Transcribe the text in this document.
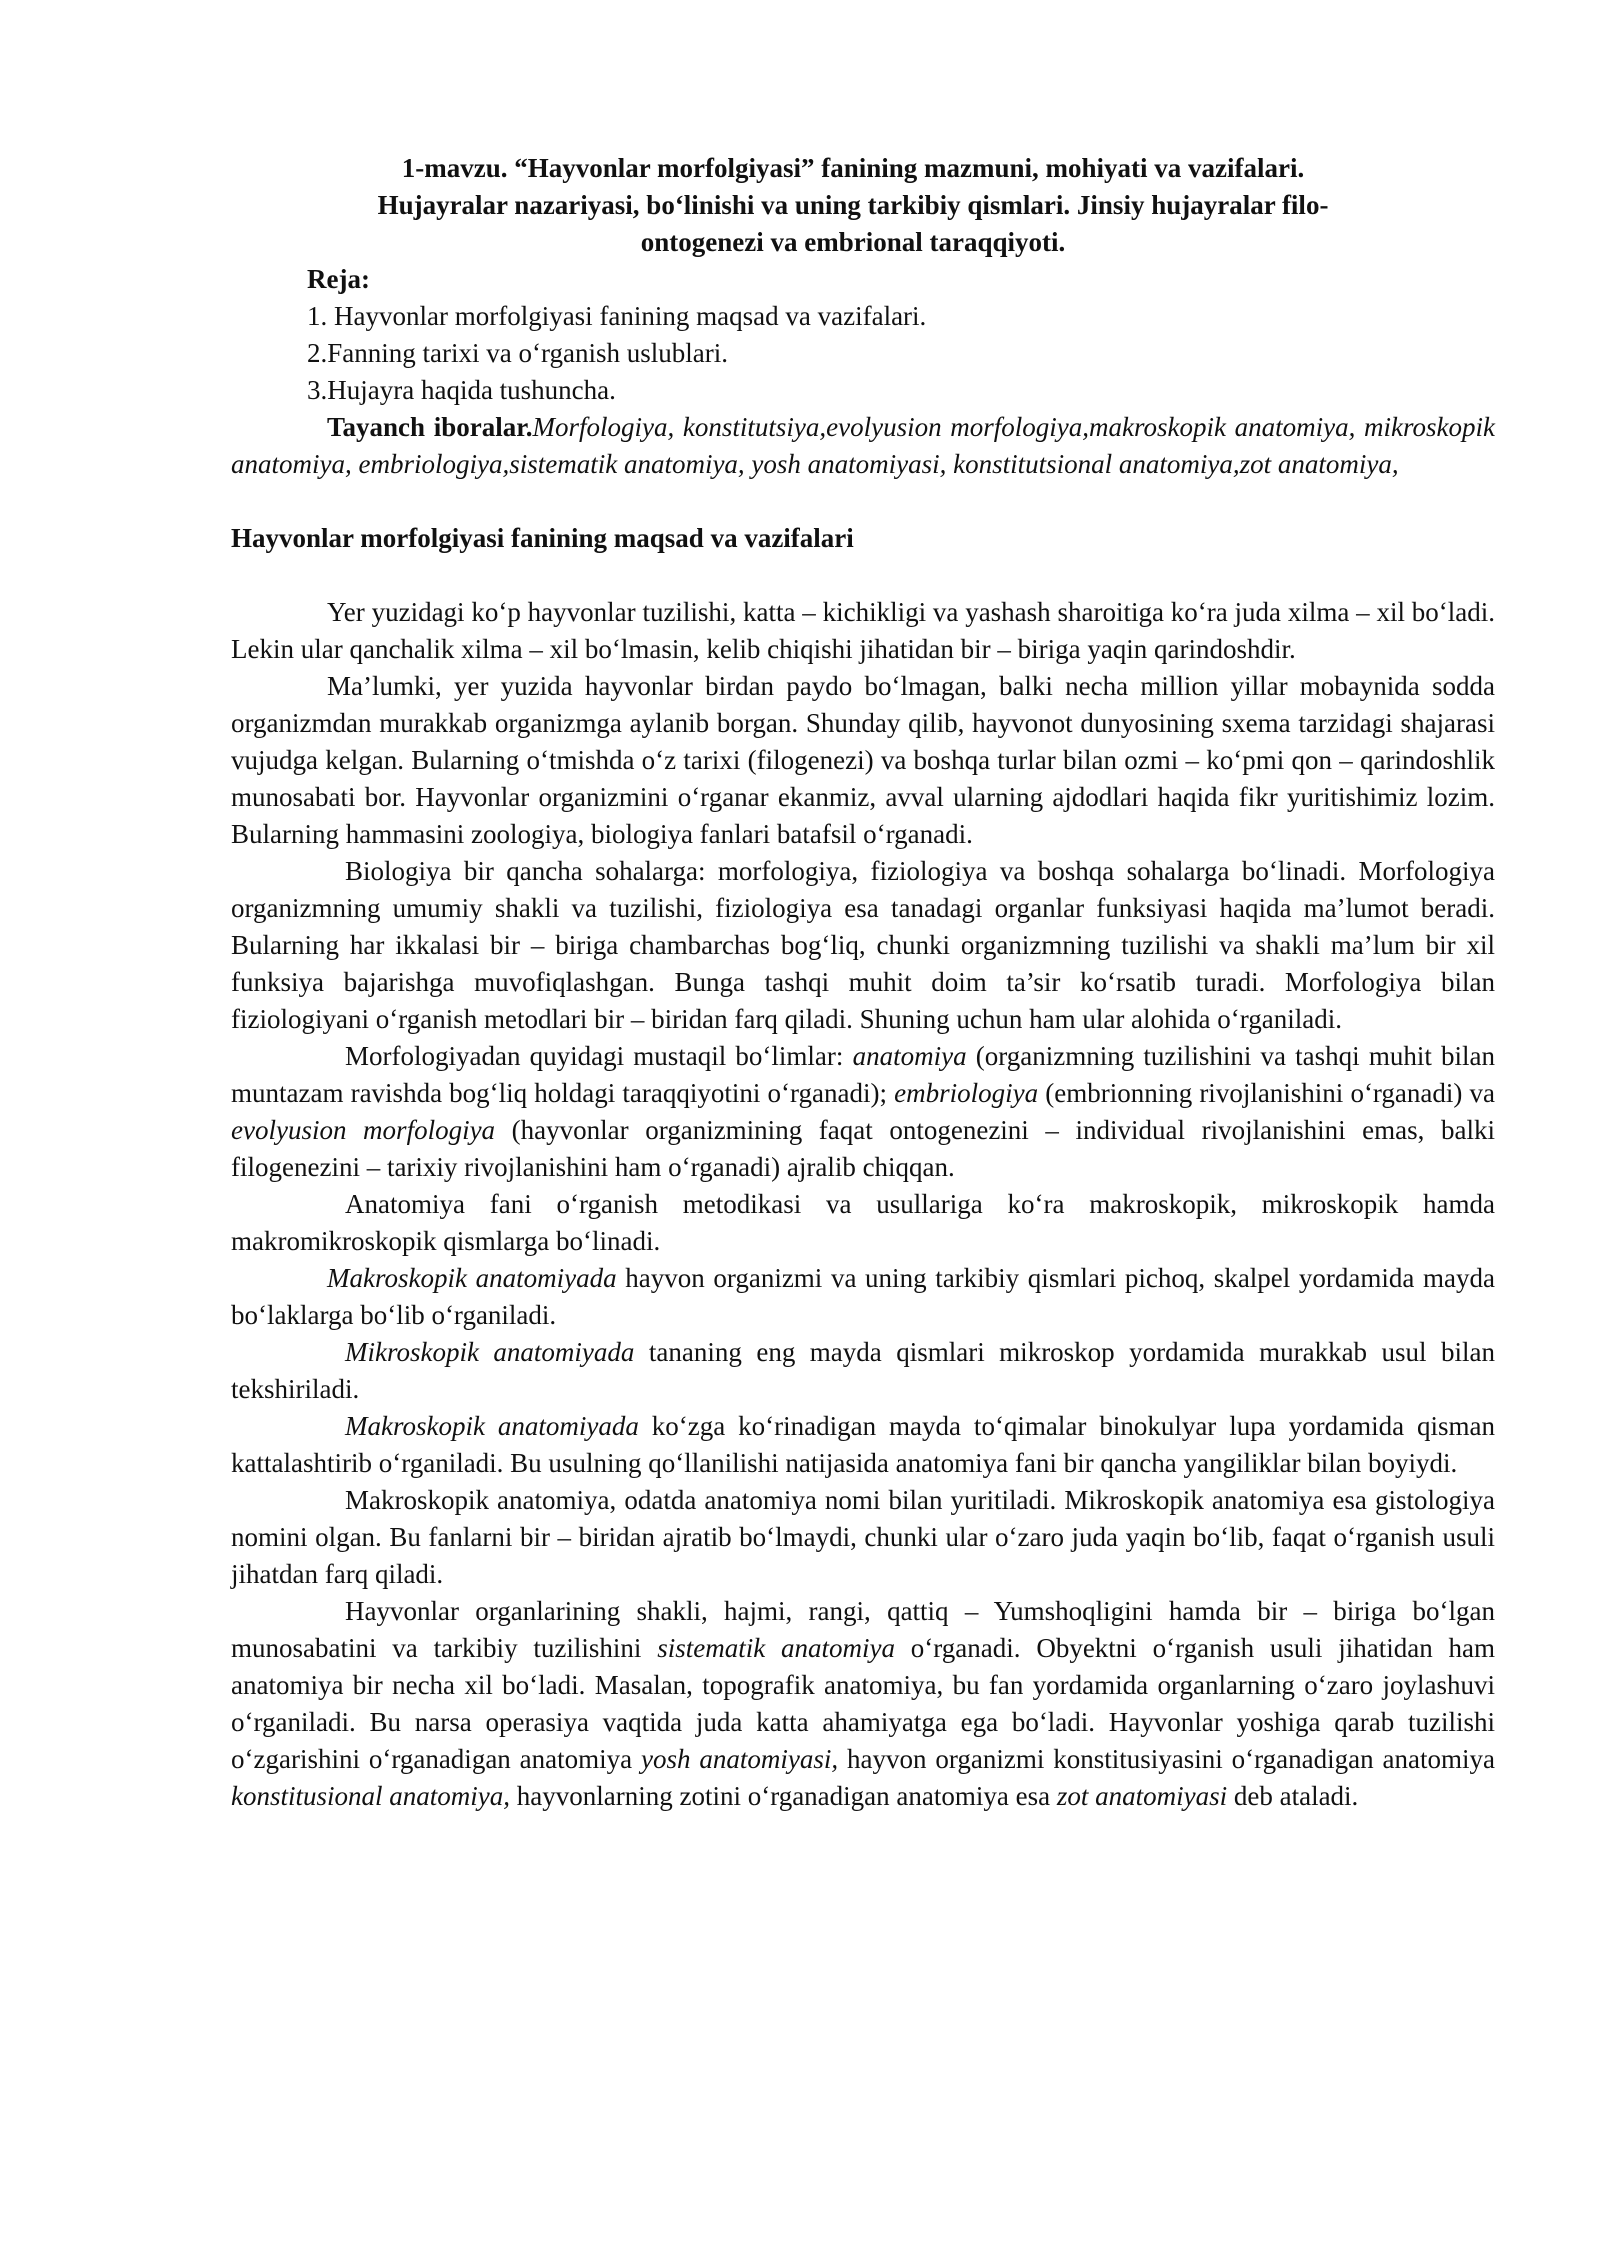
1-mavzu. “Hayvonlar morfolgiyasi” fanining mazmuni, mohiyati va vazifalari.
Hujayralar nazariyasi, bo‘linishi va uning tarkibiy qismlari. Jinsiy hujayralar filo-
ontogenezi va embrional taraqqiyoti.
Reja:
1. Hayvonlar morfolgiyasi fanining maqsad va vazifalari.
2.Fanning tarixi va o‘rganish uslublari.
3.Hujayra haqida tushuncha.

Tayanch iboralar.Morfologiya, konstitutsiya,evolyusion morfologiya,makroskopik anatomiya, mikroskopik anatomiya, embriologiya,sistematik anatomiya, yosh anatomiyasi, konstitutsional anatomiya,zot anatomiya,

Hayvonlar morfolgiyasi fanining maqsad va vazifalari

Yer yuzidagi ko‘p hayvonlar tuzilishi, katta – kichikligi va yashash sharoitiga ko‘ra juda xilma – xil bo‘ladi. Lekin ular qanchalik xilma – xil bo‘lmasin, kelib chiqishi jihatidan bir – biriga yaqin qarindoshdir.

Ma’lumki, yer yuzida hayvonlar birdan paydo bo‘lmagan, balki necha million yillar mobaynida sodda organizmdan murakkab organizmga aylanib borgan. Shunday qilib, hayvonot dunyosining sxema tarzidagi shajarasi vujudga kelgan. Bularning o‘tmishda o‘z tarixi (filogenezi) va boshqa turlar bilan ozmi – ko‘pmi qon – qarindoshlik munosabati bor. Hayvonlar organizmini o‘rganar ekanmiz, avval ularning ajdodlari haqida fikr yuritishimiz lozim. Bularning hammasini zoologiya, biologiya fanlari batafsil o‘rganadi.

Biologiya bir qancha sohalarga: morfologiya, fiziologiya va boshqa sohalarga bo‘linadi. Morfologiya organizmning umumiy shakli va tuzilishi, fiziologiya esa tanadagi organlar funksiyasi haqida ma’lumot beradi. Bularning har ikkalasi bir – biriga chambarchas bog‘liq, chunki organizmning tuzilishi va shakli ma’lum bir xil funksiya bajarishga muvofiqlashgan. Bunga tashqi muhit doim ta’sir ko‘rsatib turadi. Morfologiya bilan fiziologiyani o‘rganish metodlari bir – biridan farq qiladi. Shuning uchun ham ular alohida o‘rganiladi.

Morfologiyadan quyidagi mustaqil bo‘limlar: anatomiya (organizmning tuzilishini va tashqi muhit bilan muntazam ravishda bog‘liq holdagi taraqqiyotini o‘rganadi); embriologiya (embrionning rivojlanishini o‘rganadi) va evolyusion morfologiya (hayvonlar organizmining faqat ontogenezini – individual rivojlanishini emas, balki filogenezini – tarixiy rivojlanishini ham o‘rganadi) ajralib chiqqan.

Anatomiya fani o‘rganish metodikasi va usullariga ko‘ra makroskopik, mikroskopik hamda makromikroskopik qismlarga bo‘linadi.

Makroskopik anatomiyada hayvon organizmi va uning tarkibiy qismlari pichoq, skalpel yordamida mayda bo‘laklarga bo‘lib o‘rganiladi.

Mikroskopik anatomiyada tananing eng mayda qismlari mikroskop yordamida murakkab usul bilan tekshiriladi.

Makroskopik anatomiyada ko‘zga ko‘rinadigan mayda to‘qimalar binokulyar lupa yordamida qisman kattalashtirib o‘rganiladi. Bu usulning qo‘llanilishi natijasida anatomiya fani bir qancha yangiliklar bilan boyiydi.

Makroskopik anatomiya, odatda anatomiya nomi bilan yuritiladi. Mikroskopik anatomiya esa gistologiya nomini olgan. Bu fanlarni bir – biridan ajratib bo‘lmaydi, chunki ular o‘zaro juda yaqin bo‘lib, faqat o‘rganish usuli jihatdan farq qiladi.

Hayvonlar organlarining shakli, hajmi, rangi, qattiq – Yumshoqligini hamda bir – biriga bo‘lgan munosabatini va tarkibiy tuzilishini sistematik anatomiya o‘rganadi. Obyektni o‘rganish usuli jihatidan ham anatomiya bir necha xil bo‘ladi. Masalan, topografik anatomiya, bu fan yordamida organlarning o‘zaro joylashuvi o‘rganiladi. Bu narsa operasiya vaqtida juda katta ahamiyatga ega bo‘ladi. Hayvonlar yoshiga qarab tuzilishi o‘zgarishini o‘rganadigan anatomiya yosh anatomiyasi, hayvon organizmi konstitusiyasini o‘rganadigan anatomiya konstitusional anatomiya, hayvonlarning zotini o‘rganadigan anatomiya esa zot anatomiyasi deb ataladi.
